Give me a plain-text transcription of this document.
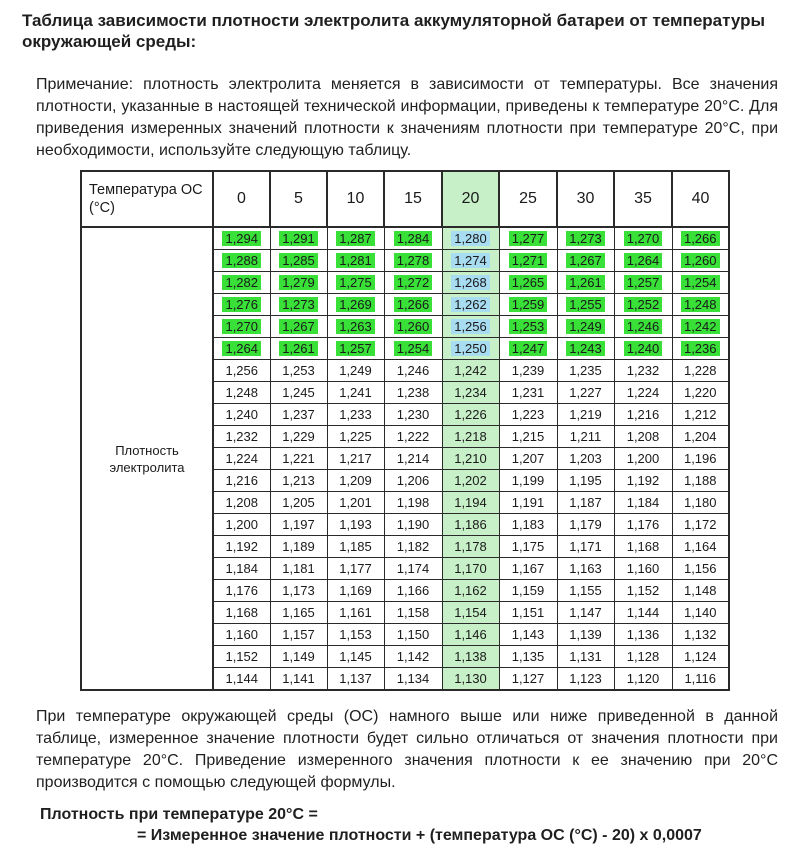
Таблица зависимости плотности электролита аккумуляторной батареи от температуры окружающей среды:
Примечание: плотность электролита меняется в зависимости от температуры. Все значения плотности, указанные в настоящей технической информации, приведены к температуре 20°С. Для приведения измеренных значений плотности к значениям плотности при температуре 20°С, при необходимости, используйте следующую таблицу.
Температура ОС (°С)	0	5	10	15	20	25	30	35	40
Плотность электролита	1,294	1,291	1,287	1,284	1,280	1,277	1,273	1,270	1,266
	1,288	1,285	1,281	1,278	1,274	1,271	1,267	1,264	1,260
	1,282	1,279	1,275	1,272	1,268	1,265	1,261	1,257	1,254
	1,276	1,273	1,269	1,266	1,262	1,259	1,255	1,252	1,248
	1,270	1,267	1,263	1,260	1,256	1,253	1,249	1,246	1,242
	1,264	1,261	1,257	1,254	1,250	1,247	1,243	1,240	1,236
	1,256	1,253	1,249	1,246	1,242	1,239	1,235	1,232	1,228
	1,248	1,245	1,241	1,238	1,234	1,231	1,227	1,224	1,220
	1,240	1,237	1,233	1,230	1,226	1,223	1,219	1,216	1,212
	1,232	1,229	1,225	1,222	1,218	1,215	1,211	1,208	1,204
	1,224	1,221	1,217	1,214	1,210	1,207	1,203	1,200	1,196
	1,216	1,213	1,209	1,206	1,202	1,199	1,195	1,192	1,188
	1,208	1,205	1,201	1,198	1,194	1,191	1,187	1,184	1,180
	1,200	1,197	1,193	1,190	1,186	1,183	1,179	1,176	1,172
	1,192	1,189	1,185	1,182	1,178	1,175	1,171	1,168	1,164
	1,184	1,181	1,177	1,174	1,170	1,167	1,163	1,160	1,156
	1,176	1,173	1,169	1,166	1,162	1,159	1,155	1,152	1,148
	1,168	1,165	1,161	1,158	1,154	1,151	1,147	1,144	1,140
	1,160	1,157	1,153	1,150	1,146	1,143	1,139	1,136	1,132
	1,152	1,149	1,145	1,142	1,138	1,135	1,131	1,128	1,124
	1,144	1,141	1,137	1,134	1,130	1,127	1,123	1,120	1,116
При температуре окружающей среды (ОС) намного выше или ниже приведенной в данной таблице, измеренное значение плотности будет сильно отличаться от значения плотности при температуре 20°С. Приведение измеренного значения плотности к ее значению при 20°С производится с помощью следующей формулы.
Плотность при температуре 20°С =
= Измеренное значение плотности + (температура ОС (°С) - 20) х 0,0007
